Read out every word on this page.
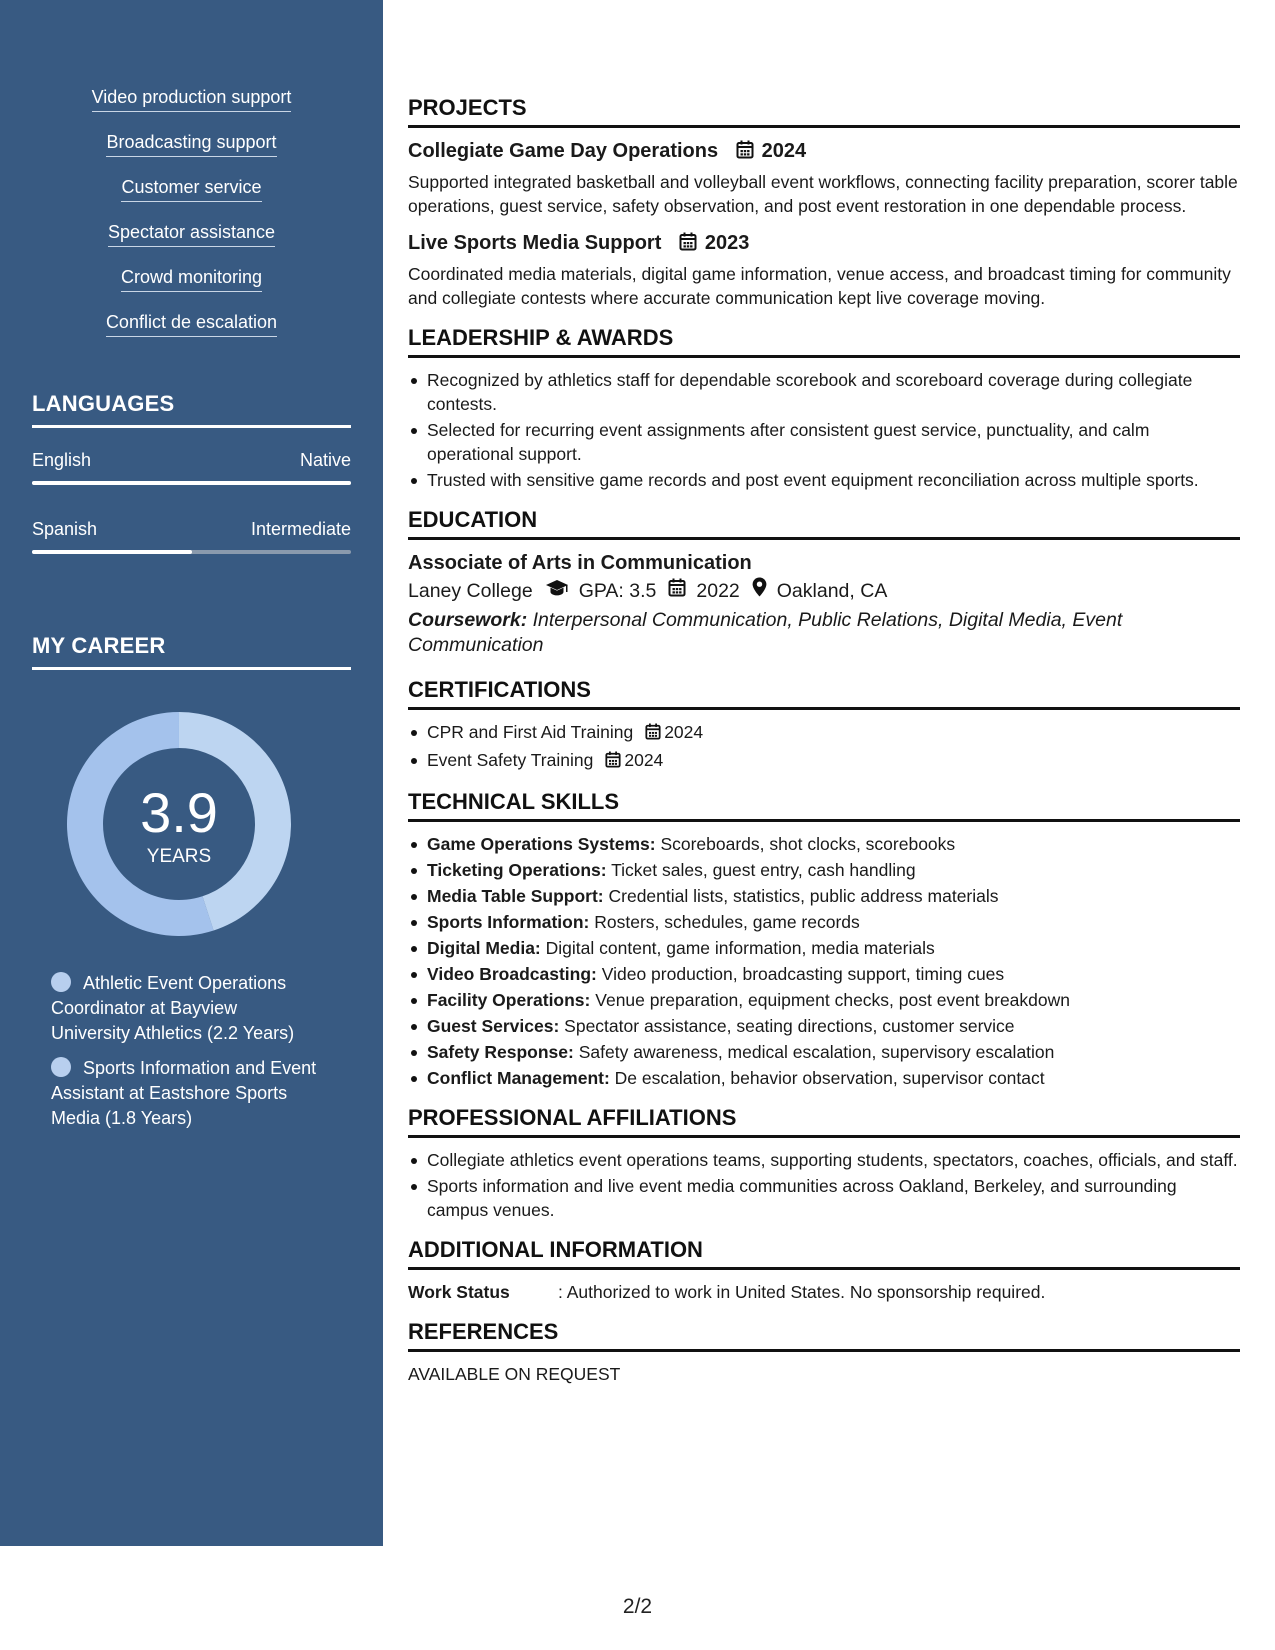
Video production support
Broadcasting support
Customer service
Spectator assistance
Crowd monitoring
Conflict de escalation
LANGUAGES
English	Native
Spanish	Intermediate
MY CAREER
3.9
YEARS
Athletic Event Operations Coordinator at Bayview University Athletics (2.2 Years)
Sports Information and Event Assistant at Eastshore Sports Media (1.8 Years)
PROJECTS
Collegiate Game Day Operations 2024
Supported integrated basketball and volleyball event workflows, connecting facility preparation, scorer table operations, guest service, safety observation, and post event restoration in one dependable process.
Live Sports Media Support 2023
Coordinated media materials, digital game information, venue access, and broadcast timing for community and collegiate contests where accurate communication kept live coverage moving.
LEADERSHIP & AWARDS
Recognized by athletics staff for dependable scorebook and scoreboard coverage during collegiate contests.
Selected for recurring event assignments after consistent guest service, punctuality, and calm operational support.
Trusted with sensitive game records and post event equipment reconciliation across multiple sports.
EDUCATION
Associate of Arts in Communication
Laney College GPA: 3.5 2022 Oakland, CA
Coursework: Interpersonal Communication, Public Relations, Digital Media, Event Communication
CERTIFICATIONS
CPR and First Aid Training 2024
Event Safety Training 2024
TECHNICAL SKILLS
Game Operations Systems: Scoreboards, shot clocks, scorebooks
Ticketing Operations: Ticket sales, guest entry, cash handling
Media Table Support: Credential lists, statistics, public address materials
Sports Information: Rosters, schedules, game records
Digital Media: Digital content, game information, media materials
Video Broadcasting: Video production, broadcasting support, timing cues
Facility Operations: Venue preparation, equipment checks, post event breakdown
Guest Services: Spectator assistance, seating directions, customer service
Safety Response: Safety awareness, medical escalation, supervisory escalation
Conflict Management: De escalation, behavior observation, supervisor contact
PROFESSIONAL AFFILIATIONS
Collegiate athletics event operations teams, supporting students, spectators, coaches, officials, and staff.
Sports information and live event media communities across Oakland, Berkeley, and surrounding campus venues.
ADDITIONAL INFORMATION
Work Status	: Authorized to work in United States. No sponsorship required.
REFERENCES
AVAILABLE ON REQUEST
2/2
